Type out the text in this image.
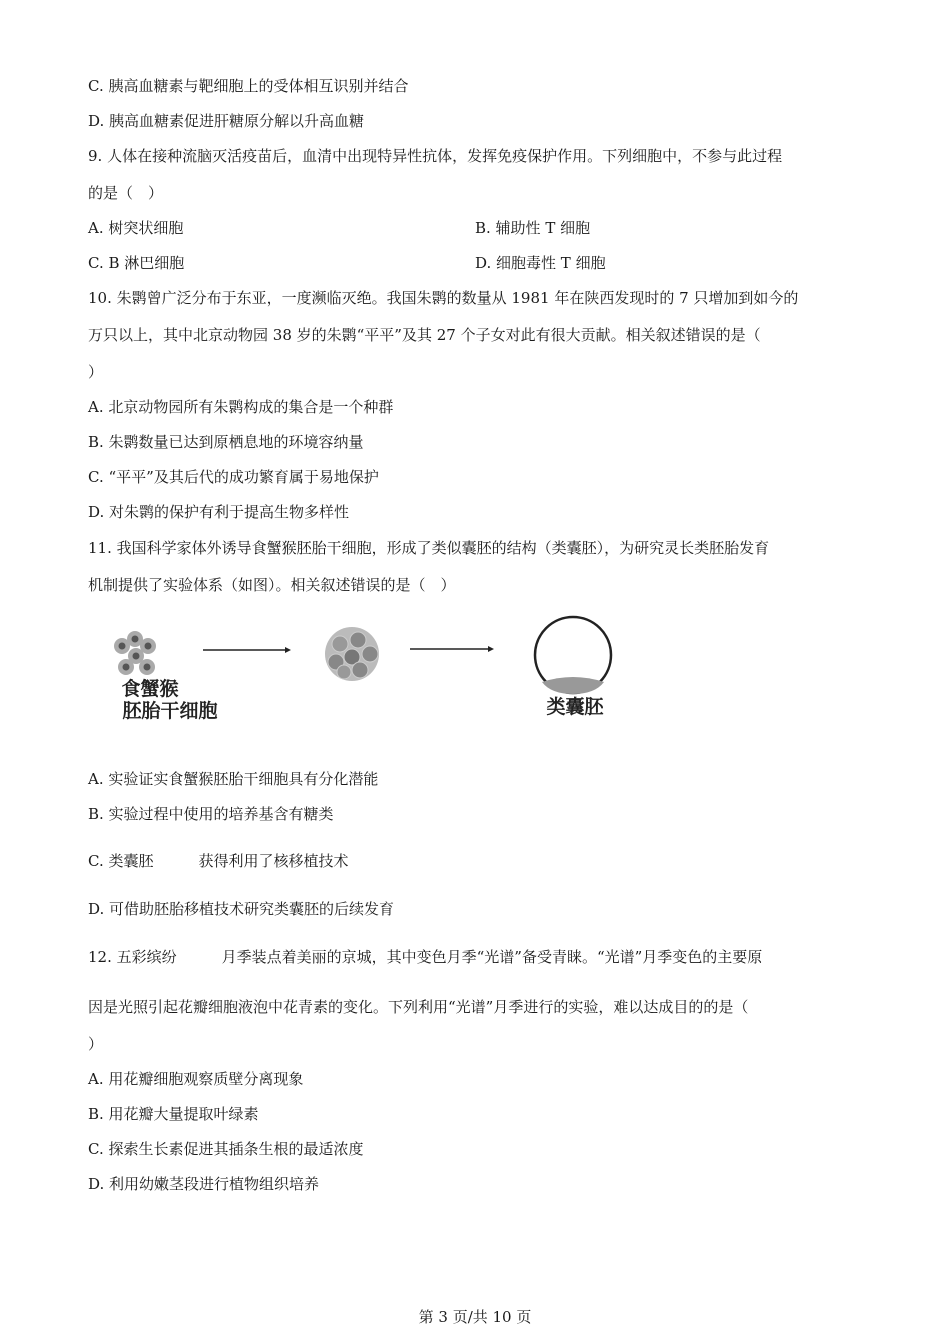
C. 胰高血糖素与靶细胞上的受体相互识别并结合
D. 胰高血糖素促进肝糖原分解以升高血糖
9. 人体在接种流脑灭活疫苗后，血清中出现特异性抗体，发挥免疫保护作用。下列细胞中，不参与此过程
的是（　）
A. 树突状细胞	B. 辅助性 T 细胞
C. B 淋巴细胞	D. 细胞毒性 T 细胞
10. 朱鹮曾广泛分布于东亚，一度濒临灭绝。我国朱鹮的数量从 1981 年在陕西发现时的 7 只增加到如今的
万只以上，其中北京动物园 38 岁的朱鹮“平平”及其 27 个子女对此有很大贡献。相关叙述错误的是（
）
A. 北京动物园所有朱鹮构成的集合是一个种群
B. 朱鹮数量已达到原栖息地的环境容纳量
C. “平平”及其后代的成功繁育属于易地保护
D. 对朱鹮的保护有利于提高生物多样性
11. 我国科学家体外诱导食蟹猴胚胎干细胞，形成了类似囊胚的结构（类囊胚），为研究灵长类胚胎发育
机制提供了实验体系（如图）。相关叙述错误的是（　）
食蟹猴
胚胎干细胞	类囊胚
A. 实验证实食蟹猴胚胎干细胞具有分化潜能
B. 实验过程中使用的培养基含有糖类
C. 类囊胚　　　获得利用了核移植技术
D. 可借助胚胎移植技术研究类囊胚的后续发育
12. 五彩缤纷　　　月季装点着美丽的京城，其中变色月季“光谱”备受青睐。“光谱”月季变色的主要原
因是光照引起花瓣细胞液泡中花青素的变化。下列利用“光谱”月季进行的实验，难以达成目的的是（
）
A. 用花瓣细胞观察质壁分离现象
B. 用花瓣大量提取叶绿素
C. 探索生长素促进其插条生根的最适浓度
D. 利用幼嫩茎段进行植物组织培养
第 3 页/共 10 页
